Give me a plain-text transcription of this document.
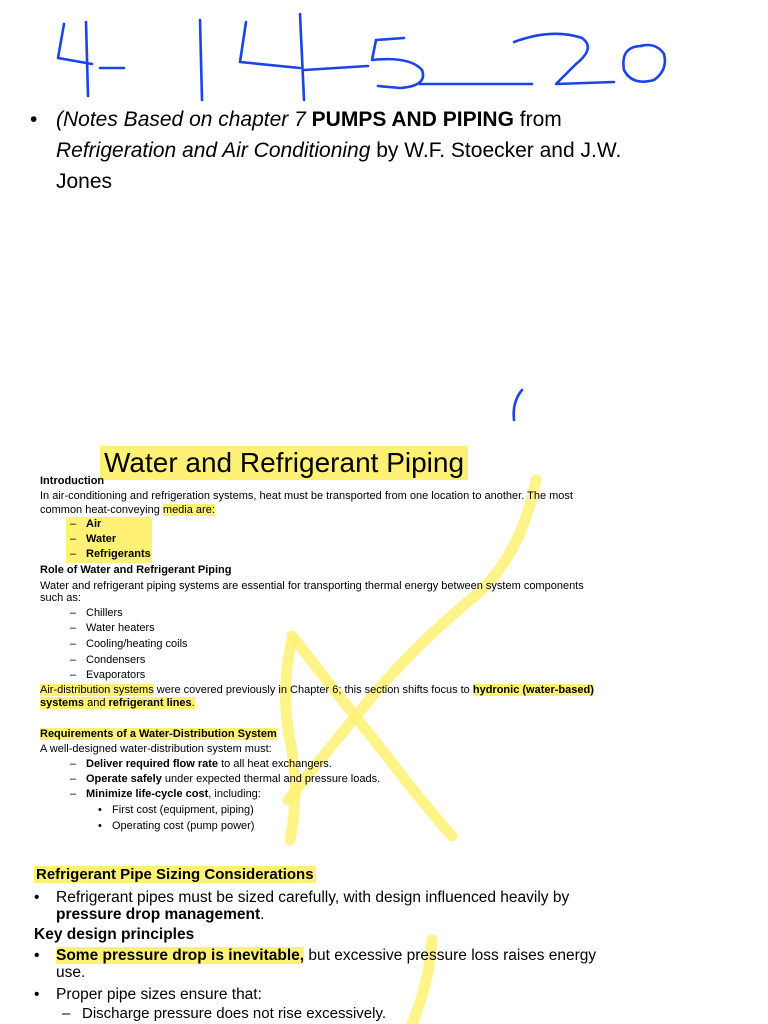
• (Notes Based on chapter 7 PUMPS AND PIPING from
Refrigeration and Air Conditioning by W.F. Stoecker and J.W.
Jones
Water and Refrigerant Piping
Introduction
In air-conditioning and refrigeration systems, heat must be transported from one location to another. The most
common heat-conveying media are:
– Air
– Water
– Refrigerants
Role of Water and Refrigerant Piping
Water and refrigerant piping systems are essential for transporting thermal energy between system components
such as:
– Chillers
– Water heaters
– Cooling/heating coils
– Condensers
– Evaporators
Air-distribution systems were covered previously in Chapter 6; this section shifts focus to hydronic (water-based)
systems and refrigerant lines.
Requirements of a Water-Distribution System
A well-designed water-distribution system must:
– Deliver required flow rate to all heat exchangers.
– Operate safely under expected thermal and pressure loads.
– Minimize life-cycle cost, including:
• First cost (equipment, piping)
• Operating cost (pump power)
Refrigerant Pipe Sizing Considerations
• Refrigerant pipes must be sized carefully, with design influenced heavily by
pressure drop management.
Key design principles
• Some pressure drop is inevitable, but excessive pressure loss raises energy
use.
• Proper pipe sizes ensure that:
– Discharge pressure does not rise excessively.
